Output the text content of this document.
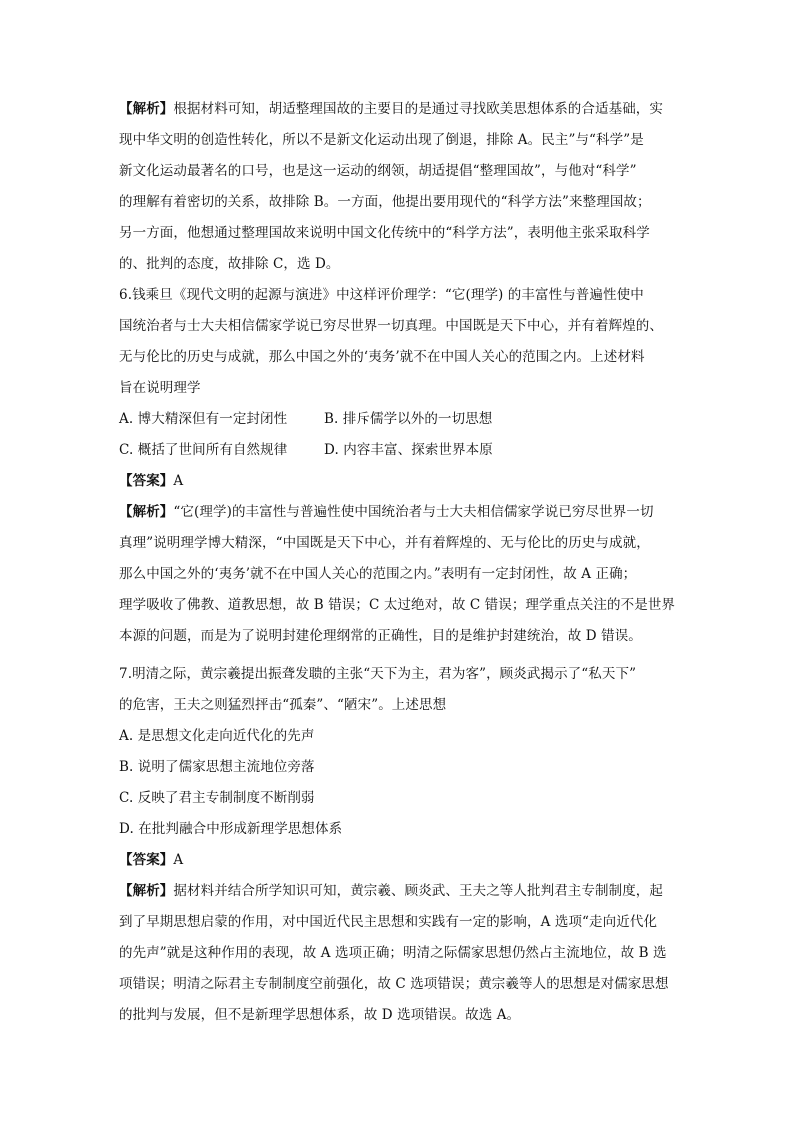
【解析】根据材料可知，胡适整理国故的主要目的是通过寻找欧美思想体系的合适基础，实
现中华文明的创造性转化，所以不是新文化运动出现了倒退，排除 A。民主”与“科学”是
新文化运动最著名的口号，也是这一运动的纲领，胡适提倡“整理国故”，与他对“科学”
的理解有着密切的关系，故排除 B。一方面，他提出要用现代的“科学方法”来整理国故；
另一方面，他想通过整理国故来说明中国文化传统中的“科学方法”，表明他主张采取科学
的、批判的态度，故排除 C，选 D。
6.钱乘旦《现代文明的起源与演进》中这样评价理学：“它(理学) 的丰富性与普遍性使中
国统治者与士大夫相信儒家学说已穷尽世界一切真理。中国既是天下中心，并有着辉煌的、
无与伦比的历史与成就，那么中国之外的‘夷务’就不在中国人关心的范围之内。上述材料
旨在说明理学
A. 博大精深但有一定封闭性	B. 排斥儒学以外的一切思想
C. 概括了世间所有自然规律	D. 内容丰富、探索世界本原
【答案】A
【解析】“它(理学)的丰富性与普遍性使中国统治者与士大夫相信儒家学说已穷尽世界一切
真理”说明理学博大精深，“中国既是天下中心，并有着辉煌的、无与伦比的历史与成就，
那么中国之外的‘夷务’就不在中国人关心的范围之内。”表明有一定封闭性，故 A 正确；
理学吸收了佛教、道教思想，故 B 错误；C 太过绝对，故 C 错误；理学重点关注的不是世界
本源的问题，而是为了说明封建伦理纲常的正确性，目的是维护封建统治，故 D 错误。
7.明清之际，黄宗羲提出振聋发聩的主张“天下为主，君为客”，顾炎武揭示了“私天下”
的危害，王夫之则猛烈抨击“孤秦”、“陋宋”。上述思想
A. 是思想文化走向近代化的先声
B. 说明了儒家思想主流地位旁落
C. 反映了君主专制制度不断削弱
D. 在批判融合中形成新理学思想体系
【答案】A
【解析】据材料并结合所学知识可知，黄宗羲、顾炎武、王夫之等人批判君主专制制度，起
到了早期思想启蒙的作用，对中国近代民主思想和实践有一定的影响，A 选项“走向近代化
的先声”就是这种作用的表现，故 A 选项正确；明清之际儒家思想仍然占主流地位，故 B 选
项错误；明清之际君主专制制度空前强化，故 C 选项错误；黄宗羲等人的思想是对儒家思想
的批判与发展，但不是新理学思想体系，故 D 选项错误。故选 A。
